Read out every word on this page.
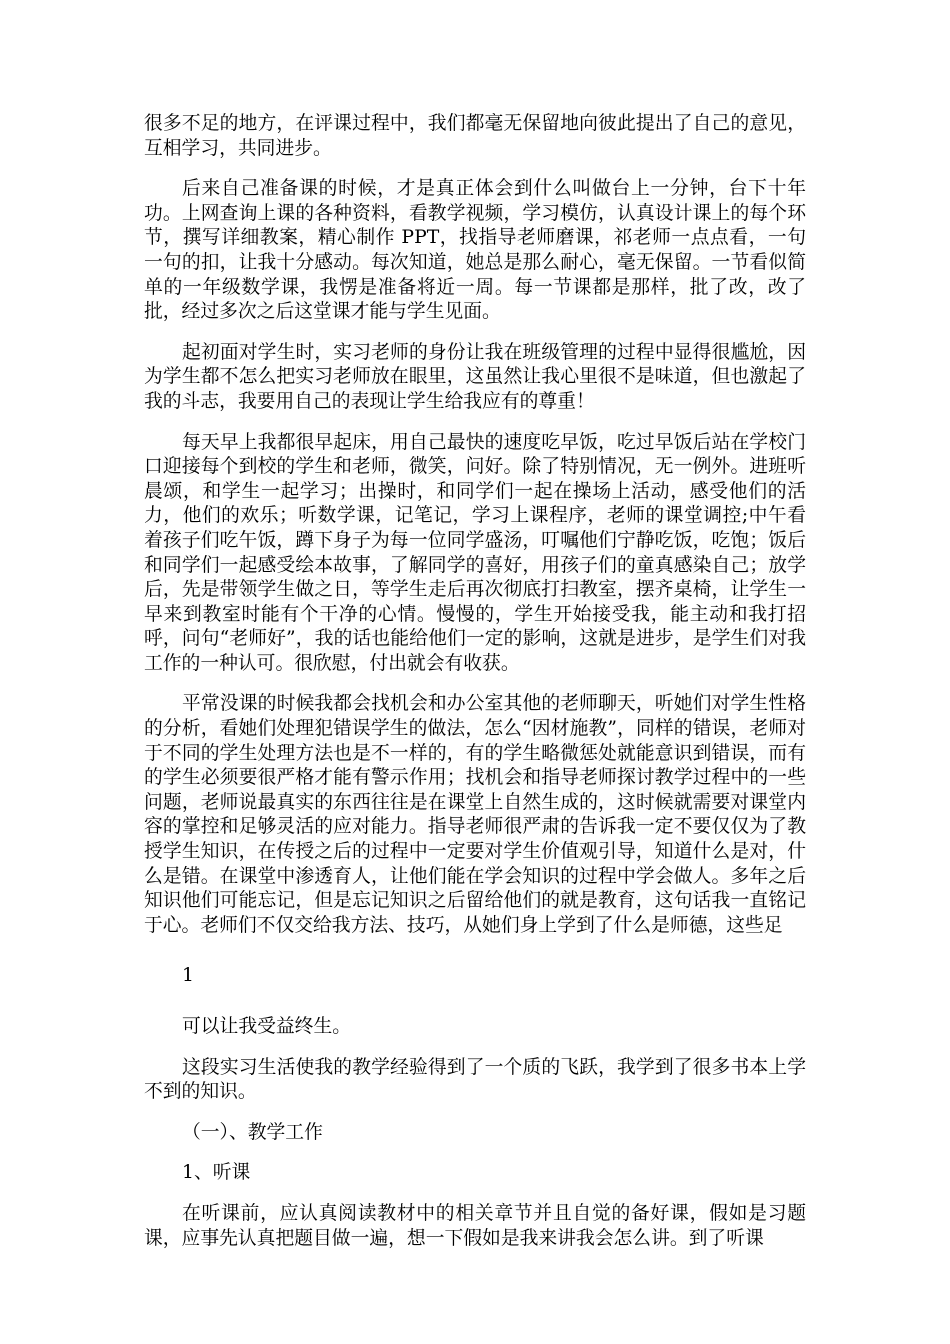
很多不足的地方，在评课过程中，我们都毫无保留地向彼此提出了自己的意见，互相学习，共同进步。

后来自己准备课的时候，才是真正体会到什么叫做台上一分钟，台下十年功。上网查询上课的各种资料，看教学视频，学习模仿，认真设计课上的每个环节，撰写详细教案，精心制作 PPT，找指导老师磨课，祁老师一点点看，一句一句的扣，让我十分感动。每次知道，她总是那么耐心，毫无保留。一节看似简单的一年级数学课，我愣是准备将近一周。每一节课都是那样，批了改，改了批，经过多次之后这堂课才能与学生见面。

起初面对学生时，实习老师的身份让我在班级管理的过程中显得很尴尬，因为学生都不怎么把实习老师放在眼里，这虽然让我心里很不是味道，但也激起了我的斗志，我要用自己的表现让学生给我应有的尊重！

每天早上我都很早起床，用自己最快的速度吃早饭，吃过早饭后站在学校门口迎接每个到校的学生和老师，微笑，问好。除了特别情况，无一例外。进班听晨颂，和学生一起学习；出操时，和同学们一起在操场上活动，感受他们的活力，他们的欢乐；听数学课，记笔记，学习上课程序，老师的课堂调控;中午看着孩子们吃午饭，蹲下身子为每一位同学盛汤，叮嘱他们宁静吃饭，吃饱；饭后和同学们一起感受绘本故事，了解同学的喜好，用孩子们的童真感染自己；放学后，先是带领学生做之日，等学生走后再次彻底打扫教室，摆齐桌椅，让学生一早来到教室时能有个干净的心情。慢慢的，学生开始接受我，能主动和我打招呼，问句“老师好”，我的话也能给他们一定的影响，这就是进步，是学生们对我工作的一种认可。很欣慰，付出就会有收获。

平常没课的时候我都会找机会和办公室其他的老师聊天，听她们对学生性格的分析，看她们处理犯错误学生的做法，怎么“因材施教”，同样的错误，老师对于不同的学生处理方法也是不一样的，有的学生略微惩处就能意识到错误，而有的学生必须要很严格才能有警示作用；找机会和指导老师探讨教学过程中的一些问题，老师说最真实的东西往往是在课堂上自然生成的，这时候就需要对课堂内容的掌控和足够灵活的应对能力。指导老师很严肃的告诉我一定不要仅仅为了教授学生知识，在传授之后的过程中一定要对学生价值观引导，知道什么是对，什么是错。在课堂中渗透育人，让他们能在学会知识的过程中学会做人。多年之后知识他们可能忘记，但是忘记知识之后留给他们的就是教育，这句话我一直铭记于心。老师们不仅交给我方法、技巧，从她们身上学到了什么是师德，这些足

1

可以让我受益终生。

这段实习生活使我的教学经验得到了一个质的飞跃，我学到了很多书本上学不到的知识。

（一）、教学工作

1、听课

在听课前，应认真阅读教材中的相关章节并且自觉的备好课，假如是习题课，应事先认真把题目做一遍，想一下假如是我来讲我会怎么讲。到了听课
